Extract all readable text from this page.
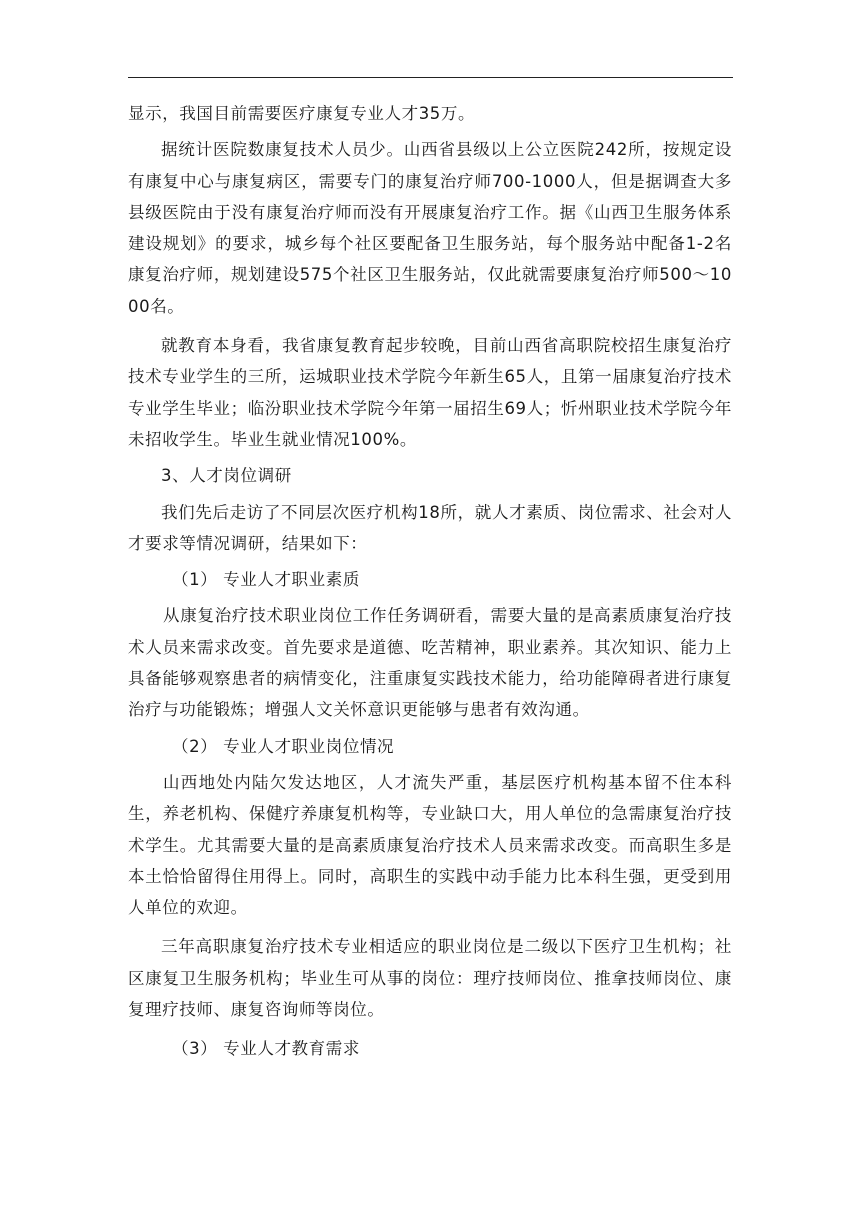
显示，我国目前需要医疗康复专业人才35万。

据统计医院数康复技术人员少。山西省县级以上公立医院242所，按规定设有康复中心与康复病区，需要专门的康复治疗师700-1000人，但是据调查大多县级医院由于没有康复治疗师而没有开展康复治疗工作。据《山西卫生服务体系建设规划》的要求，城乡每个社区要配备卫生服务站，每个服务站中配备1-2名康复治疗师，规划建设575个社区卫生服务站，仅此就需要康复治疗师500～1000名。

就教育本身看，我省康复教育起步较晚，目前山西省高职院校招生康复治疗技术专业学生的三所，运城职业技术学院今年新生65人，且第一届康复治疗技术专业学生毕业；临汾职业技术学院今年第一届招生69人；忻州职业技术学院今年未招收学生。毕业生就业情况100%。

3、人才岗位调研

我们先后走访了不同层次医疗机构18所，就人才素质、岗位需求、社会对人才要求等情况调研，结果如下：

（1） 专业人才职业素质

从康复治疗技术职业岗位工作任务调研看，需要大量的是高素质康复治疗技术人员来需求改变。首先要求是道德、吃苦精神，职业素养。其次知识、能力上具备能够观察患者的病情变化，注重康复实践技术能力，给功能障碍者进行康复治疗与功能锻炼；增强人文关怀意识更能够与患者有效沟通。

（2） 专业人才职业岗位情况

山西地处内陆欠发达地区，人才流失严重，基层医疗机构基本留不住本科生，养老机构、保健疗养康复机构等，专业缺口大，用人单位的急需康复治疗技术学生。尤其需要大量的是高素质康复治疗技术人员来需求改变。而高职生多是本土恰恰留得住用得上。同时，高职生的实践中动手能力比本科生强，更受到用人单位的欢迎。

三年高职康复治疗技术专业相适应的职业岗位是二级以下医疗卫生机构；社区康复卫生服务机构；毕业生可从事的岗位：理疗技师岗位、推拿技师岗位、康复理疗技师、康复咨询师等岗位。

（3） 专业人才教育需求
